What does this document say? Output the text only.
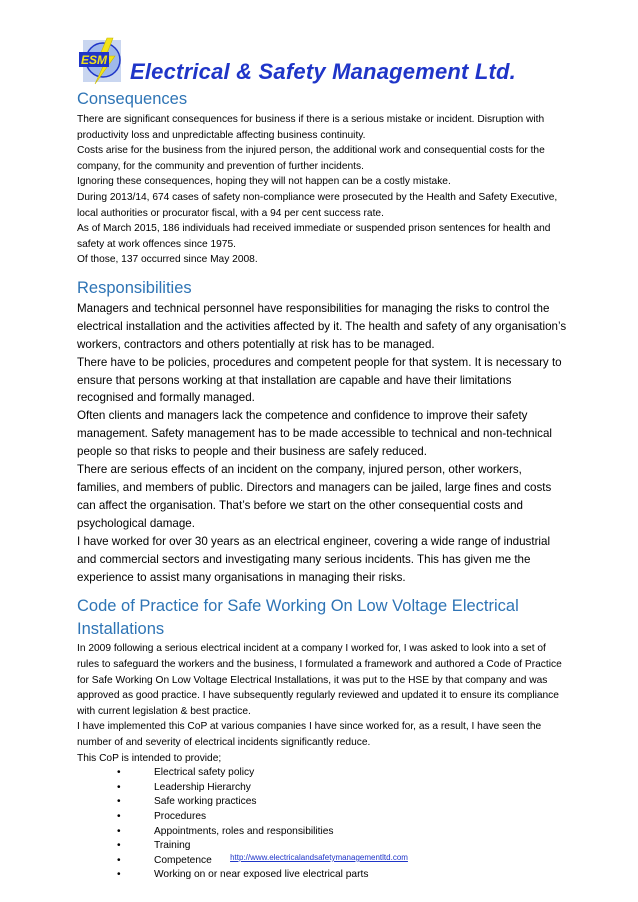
ESM Electrical & Safety Management Ltd.
Consequences

There are significant consequences for business if there is a serious mistake or incident. Disruption with productivity loss and unpredictable affecting business continuity.

Costs arise for the business from the injured person, the additional work and consequential costs for the company, for the community and prevention of further incidents.

Ignoring these consequences, hoping they will not happen can be a costly mistake.

During 2013/14, 674 cases of safety non-compliance were prosecuted by the Health and Safety Executive, local authorities or procurator fiscal, with a 94 per cent success rate.

As of March 2015, 186 individuals had received immediate or suspended prison sentences for health and safety at work offences since 1975.

Of those, 137 occurred since May 2008.

Responsibilities

Managers and technical personnel have responsibilities for managing the risks to control the electrical installation and the activities affected by it. The health and safety of any organisation’s workers, contractors and others potentially at risk has to be managed.

There have to be policies, procedures and competent people for that system. It is necessary to ensure that persons working at that installation are capable and have their limitations recognised and formally managed.

Often clients and managers lack the competence and confidence to improve their safety management. Safety management has to be made accessible to technical and non-technical people so that risks to people and their business are safely reduced.

There are serious effects of an incident on the company, injured person, other workers, families, and members of public. Directors and managers can be jailed, large fines and costs can affect the organisation. That’s before we start on the other consequential costs and psychological damage.

I have worked for over 30 years as an electrical engineer, covering a wide range of industrial and commercial sectors and investigating many serious incidents. This has given me the experience to assist many organisations in managing their risks.

Code of Practice for Safe Working On Low Voltage Electrical Installations

In 2009 following a serious electrical incident at a company I worked for, I was asked to look into a set of rules to safeguard the workers and the business, I formulated a framework and authored a Code of Practice for Safe Working On Low Voltage Electrical Installations, it was put to the HSE by that company and was approved as good practice. I have subsequently regularly reviewed and updated it to ensure its compliance with current legislation & best practice.

I have implemented this CoP at various companies I have since worked for, as a result, I have seen the number of and severity of electrical incidents significantly reduce.

This CoP is intended to provide;

•	Electrical safety policy
•	Leadership Hierarchy
•	Safe working practices
•	Procedures
•	Appointments, roles and responsibilities
•	Training
•	Competence
•	Working on or near exposed live electrical parts
http://www.electricalandsafetymanagementltd.com
